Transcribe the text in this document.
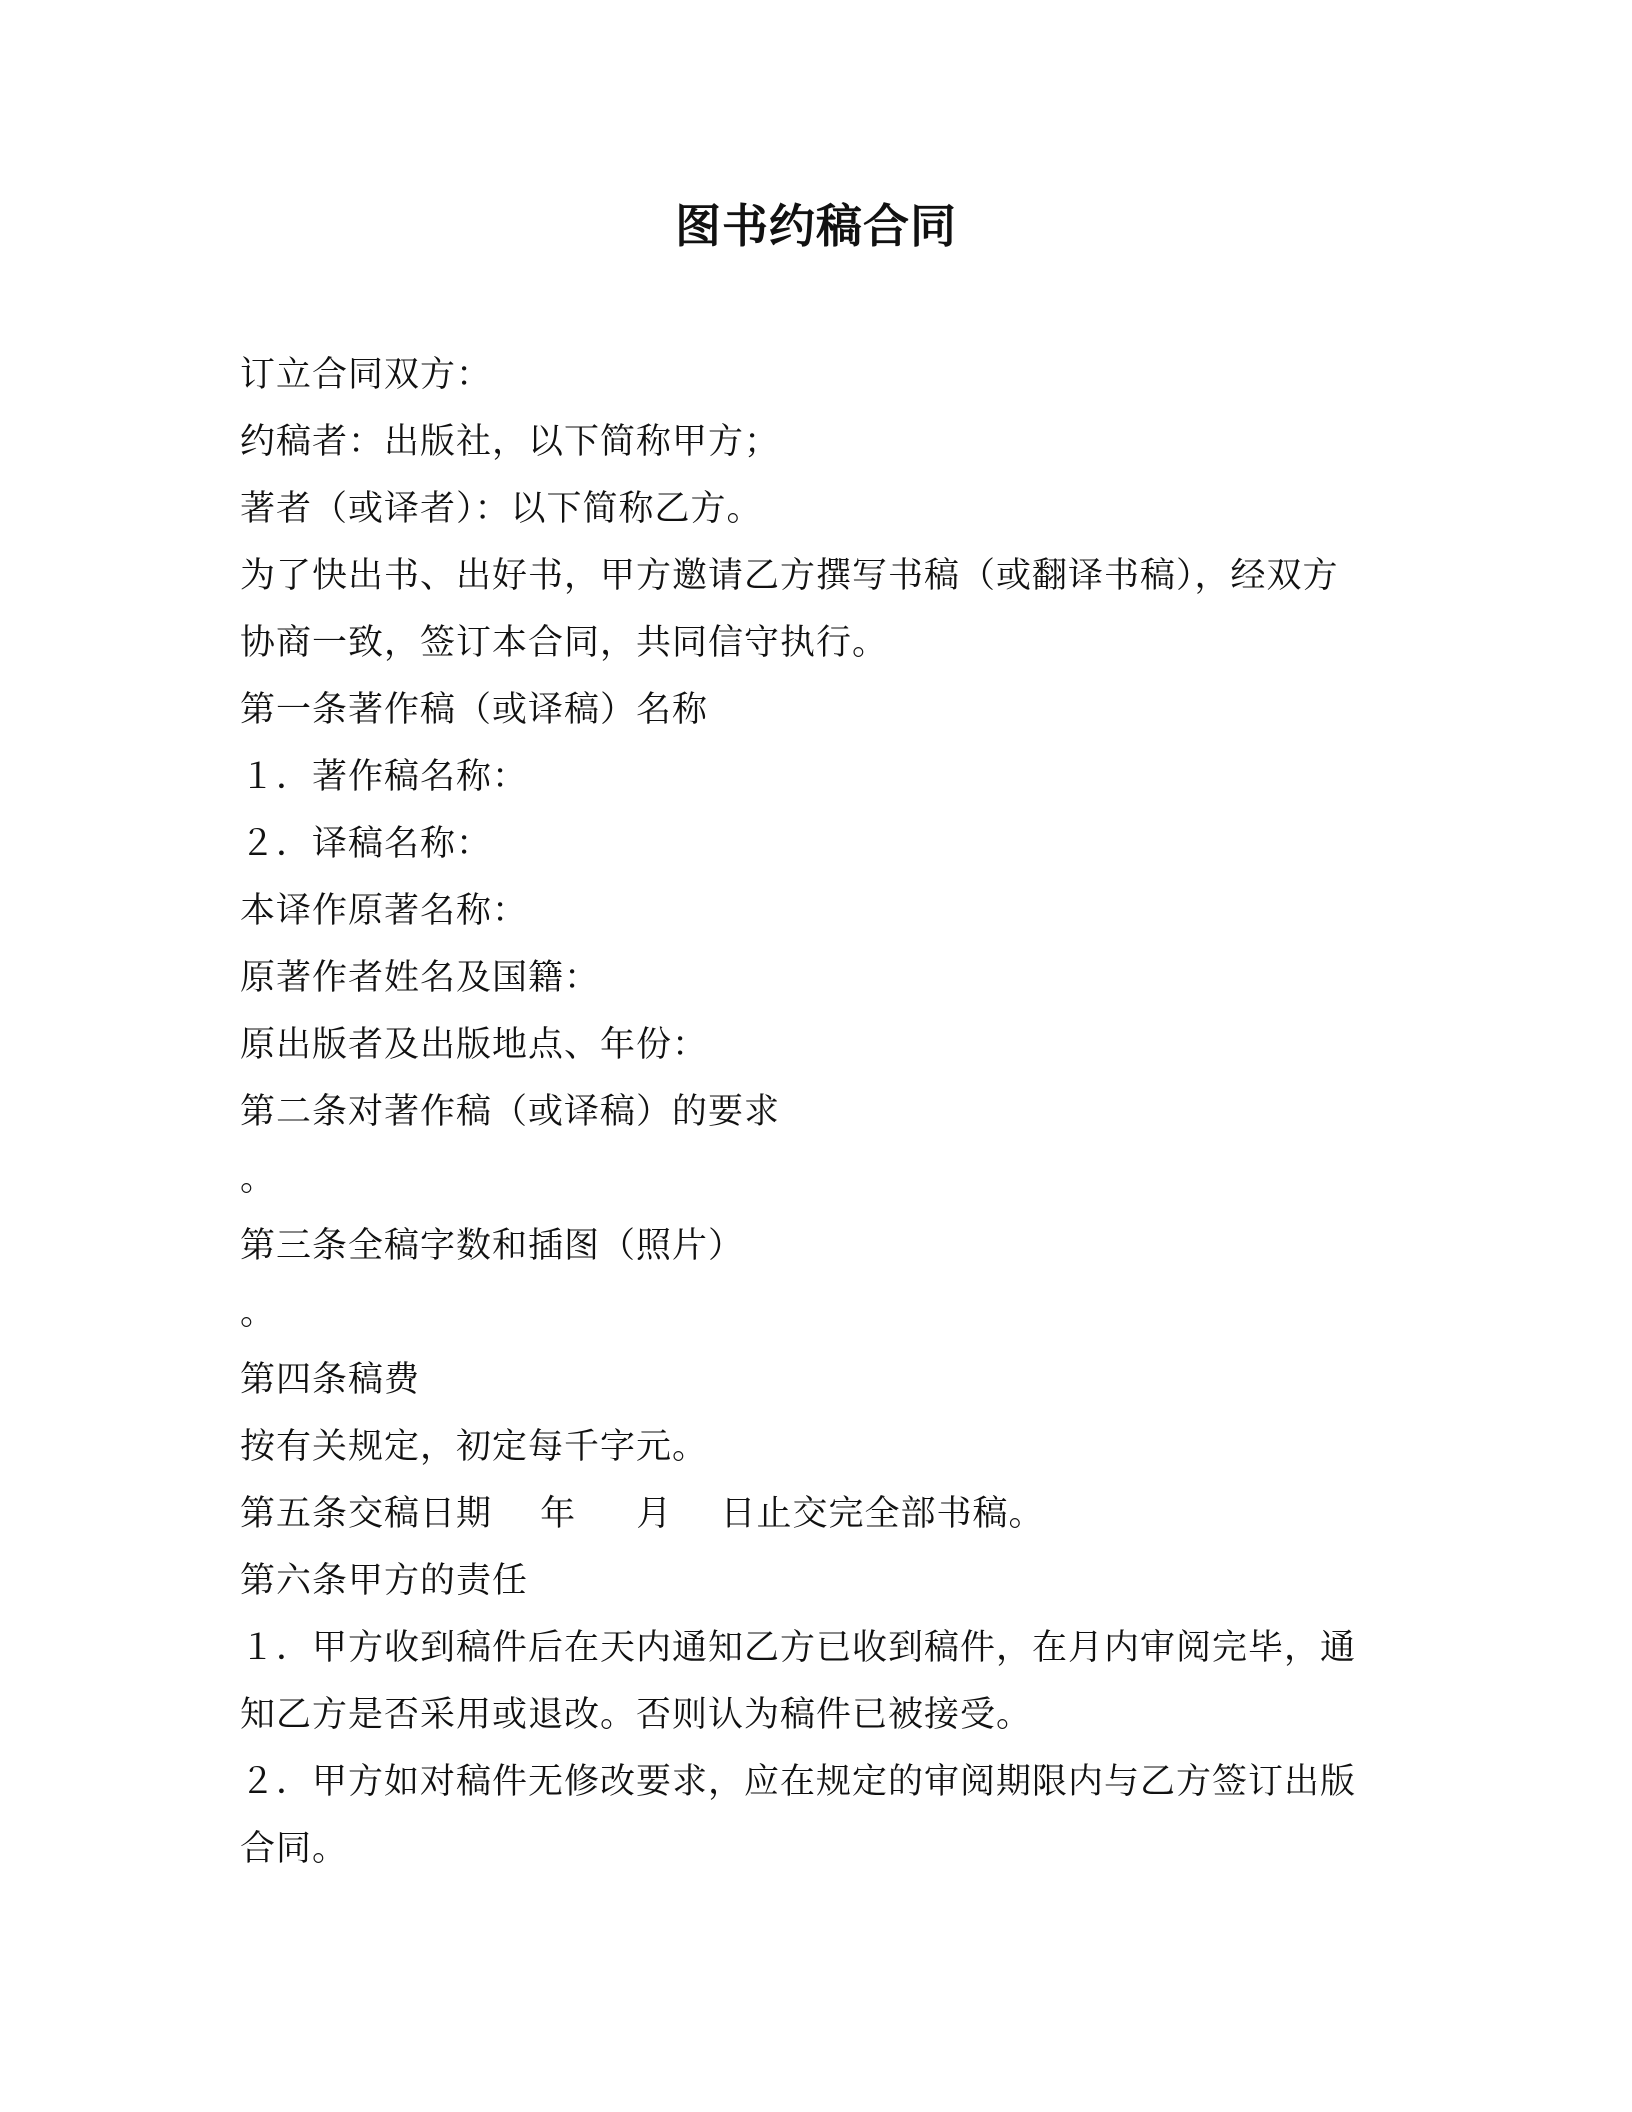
图书约稿合同
订立合同双方：
约稿者：出版社，以下简称甲方；
著者（或译者）：以下简称乙方。
为了快出书、出好书，甲方邀请乙方撰写书稿（或翻译书稿），经双方
协商一致，签订本合同，共同信守执行。
第一条著作稿（或译稿）名称
１．著作稿名称：
２．译稿名称：
本译作原著名称：
原著作者姓名及国籍：
原出版者及出版地点、年份：
第二条对著作稿（或译稿）的要求
。
第三条全稿字数和插图（照片）
。
第四条稿费
按有关规定，初定每千字元。
第五条交稿日期　 年　  月　 日止交完全部书稿。
第六条甲方的责任
１．甲方收到稿件后在天内通知乙方已收到稿件，在月内审阅完毕，通
知乙方是否采用或退改。否则认为稿件已被接受。
２．甲方如对稿件无修改要求，应在规定的审阅期限内与乙方签订出版
合同。
